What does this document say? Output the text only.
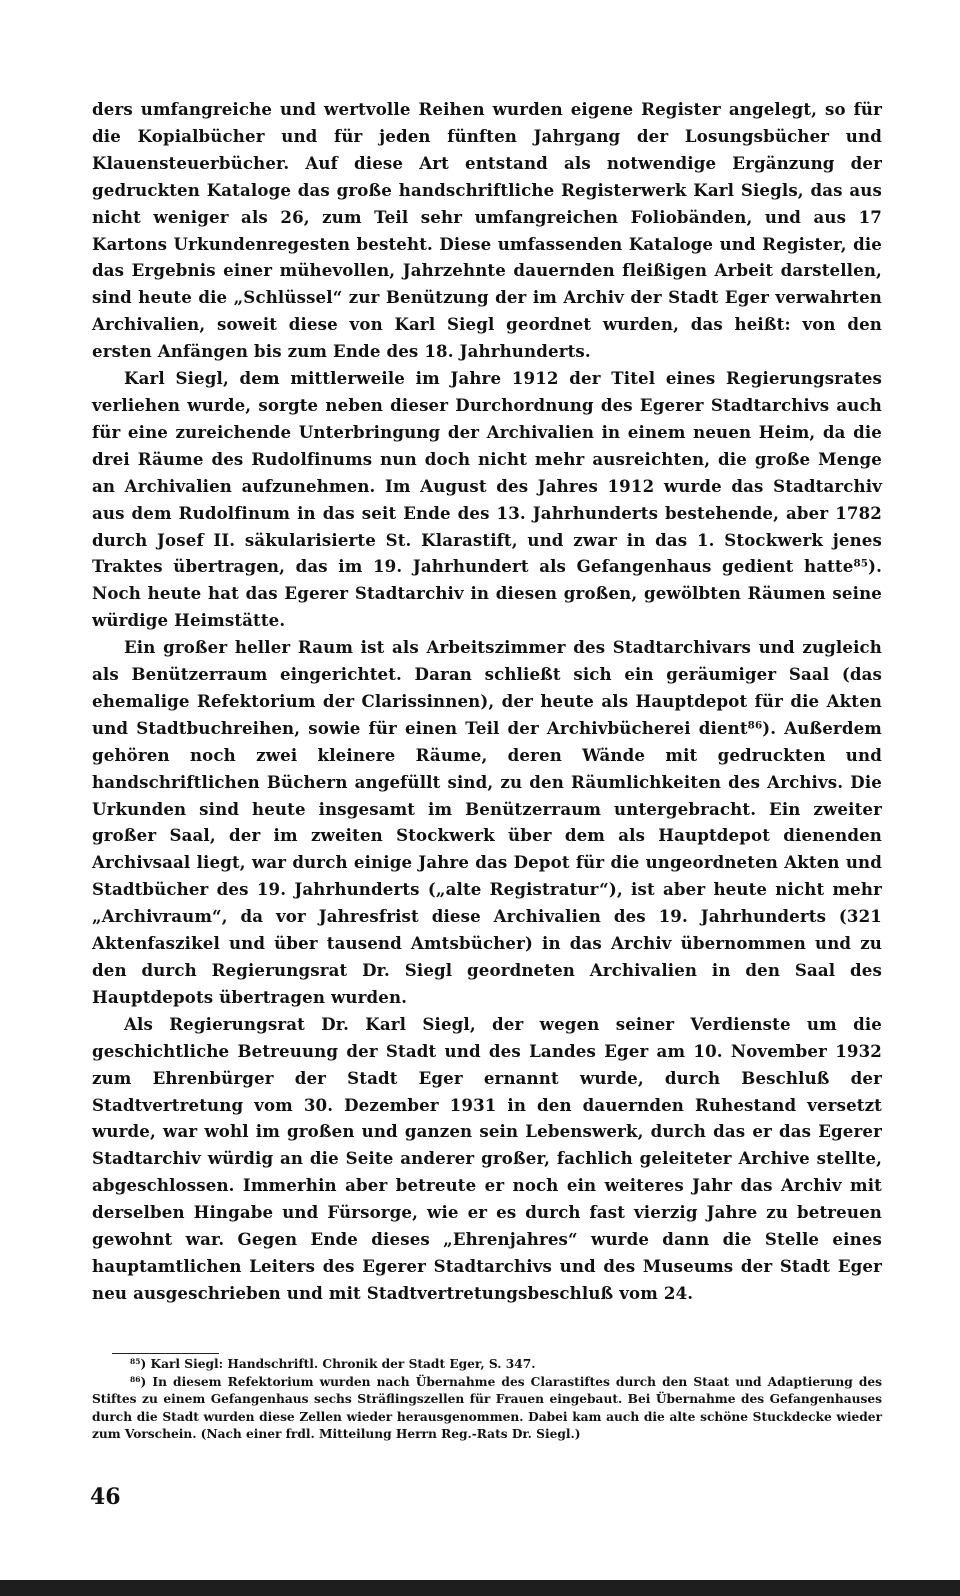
ders umfangreiche und wertvolle Reihen wurden eigene Register angelegt, so für die Kopialbücher und für jeden fünften Jahrgang der Losungsbücher und Klauensteuerbücher. Auf diese Art entstand als notwendige Ergänzung der gedruckten Kataloge das große handschriftliche Registerwerk Karl Siegls, das aus nicht weniger als 26, zum Teil sehr umfangreichen Foliobänden, und aus 17 Kartons Urkundenregesten besteht. Diese umfassenden Kataloge und Register, die das Ergebnis einer mühevollen, Jahrzehnte dauernden fleißigen Arbeit darstellen, sind heute die „Schlüssel“ zur Benützung der im Archiv der Stadt Eger verwahrten Archivalien, soweit diese von Karl Siegl geordnet wurden, das heißt: von den ersten Anfängen bis zum Ende des 18. Jahrhunderts.

Karl Siegl, dem mittlerweile im Jahre 1912 der Titel eines Regierungsrates verliehen wurde, sorgte neben dieser Durchordnung des Egerer Stadtarchivs auch für eine zureichende Unterbringung der Archivalien in einem neuen Heim, da die drei Räume des Rudolfinums nun doch nicht mehr ausreichten, die große Menge an Archivalien aufzunehmen. Im August des Jahres 1912 wurde das Stadtarchiv aus dem Rudolfinum in das seit Ende des 13. Jahrhunderts bestehende, aber 1782 durch Josef II. säkularisierte St. Klarastift, und zwar in das 1. Stockwerk jenes Traktes übertragen, das im 19. Jahrhundert als Gefangenhaus gedient hatte$^{85}$). Noch heute hat das Egerer Stadtarchiv in diesen großen, gewölbten Räumen seine würdige Heimstätte.

Ein großer heller Raum ist als Arbeitszimmer des Stadtarchivars und zugleich als Benützerraum eingerichtet. Daran schließt sich ein geräumiger Saal (das ehemalige Refektorium der Clarissinnen), der heute als Hauptdepot für die Akten und Stadtbuchreihen, sowie für einen Teil der Archivbücherei dient$^{86}$). Außerdem gehören noch zwei kleinere Räume, deren Wände mit gedruckten und handschriftlichen Büchern angefüllt sind, zu den Räumlichkeiten des Archivs. Die Urkunden sind heute insgesamt im Benützerraum untergebracht. Ein zweiter großer Saal, der im zweiten Stockwerk über dem als Hauptdepot dienenden Archivsaal liegt, war durch einige Jahre das Depot für die ungeordneten Akten und Stadtbücher des 19. Jahrhunderts („alte Registratur“), ist aber heute nicht mehr „Archivraum“, da vor Jahresfrist diese Archivalien des 19. Jahrhunderts (321 Aktenfaszikel und über tausend Amtsbücher) in das Archiv übernommen und zu den durch Regierungsrat Dr. Siegl geordneten Archivalien in den Saal des Hauptdepots übertragen wurden.

Als Regierungsrat Dr. Karl Siegl, der wegen seiner Verdienste um die geschichtliche Betreuung der Stadt und des Landes Eger am 10. November 1932 zum Ehrenbürger der Stadt Eger ernannt wurde, durch Beschluß der Stadtvertretung vom 30. Dezember 1931 in den dauernden Ruhestand versetzt wurde, war wohl im großen und ganzen sein Lebenswerk, durch das er das Egerer Stadtarchiv würdig an die Seite anderer großer, fachlich geleiteter Archive stellte, abgeschlossen. Immerhin aber betreute er noch ein weiteres Jahr das Archiv mit derselben Hingabe und Fürsorge, wie er es durch fast vierzig Jahre zu betreuen gewohnt war. Gegen Ende dieses „Ehrenjahres“ wurde dann die Stelle eines hauptamtlichen Leiters des Egerer Stadtarchivs und des Museums der Stadt Eger neu ausgeschrieben und mit Stadtvertretungsbeschluß vom 24.

$^{85}$) Karl Siegl: Handschriftl. Chronik der Stadt Eger, S. 347.

$^{86}$) In diesem Refektorium wurden nach Übernahme des Clarastiftes durch den Staat und Adaptierung des Stiftes zu einem Gefangenhaus sechs Sträflingszellen für Frauen eingebaut. Bei Übernahme des Gefangenhauses durch die Stadt wurden diese Zellen wieder herausgenommen. Dabei kam auch die alte schöne Stuckdecke wieder zum Vorschein. (Nach einer frdl. Mitteilung Herrn Reg.-Rats Dr. Siegl.)

46
